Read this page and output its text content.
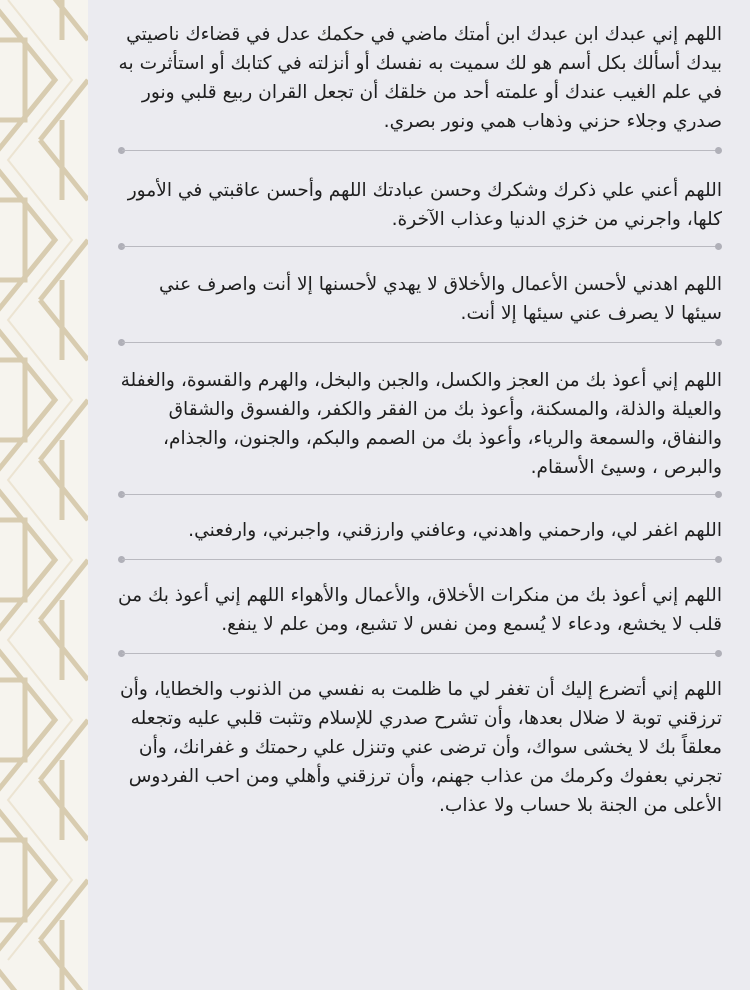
اللهم إني عبدك ابن عبدك ابن أمتك ماضي في حكمك عدل في قضاءك ناصيتي بيدك أسألك بكل أسم هو لك سميت به نفسك أو أنزلته في كتابك أو استأثرت به في علم الغيب عندك أو علمته أحد من خلقك أن تجعل القران ربيع قلبي ونور صدري وجلاء حزني وذهاب همي ونور بصري.

اللهم أعني علي ذكرك وشكرك وحسن عبادتك اللهم وأحسن عاقبتي في الأمور كلها، واجرني من خزي الدنيا وعذاب الآخرة.

اللهم اهدني لأحسن الأعمال والأخلاق لا يهدي لأحسنها إلا أنت واصرف عني سيئها لا يصرف عني سيئها إلا أنت.

اللهم إني أعوذ بك من العجز والكسل، والجبن والبخل، والهرم والقسوة، والغفلة والعيلة والذلة، والمسكنة، وأعوذ بك من الفقر والكفر، والفسوق والشقاق والنفاق، والسمعة والرياء، وأعوذ بك من الصمم والبكم، والجنون، والجذام، والبرص ، وسيئ الأسقام.

اللهم اغفر لي، وارحمني واهدني، وعافني وارزقني، واجبرني، وارفعني.

اللهم إني أعوذ بك من منكرات الأخلاق، والأعمال والأهواء اللهم إني أعوذ بك من قلب لا يخشع، ودعاء لا يُسمع ومن نفس لا تشبع، ومن علم لا ينفع.

اللهم إني أتضرع إليك أن تغفر لي ما ظلمت به نفسي من الذنوب والخطايا، وأن ترزقني توبة لا ضلال بعدها، وأن تشرح صدري للإسلام وتثبت قلبي عليه وتجعله معلقاً بك لا يخشى سواك، وأن ترضى عني وتنزل علي رحمتك و غفرانك، وأن تجرني بعفوك وكرمك من عذاب جهنم، وأن ترزقني وأهلي ومن احب الفردوس الأعلى من الجنة بلا حساب ولا عذاب.
